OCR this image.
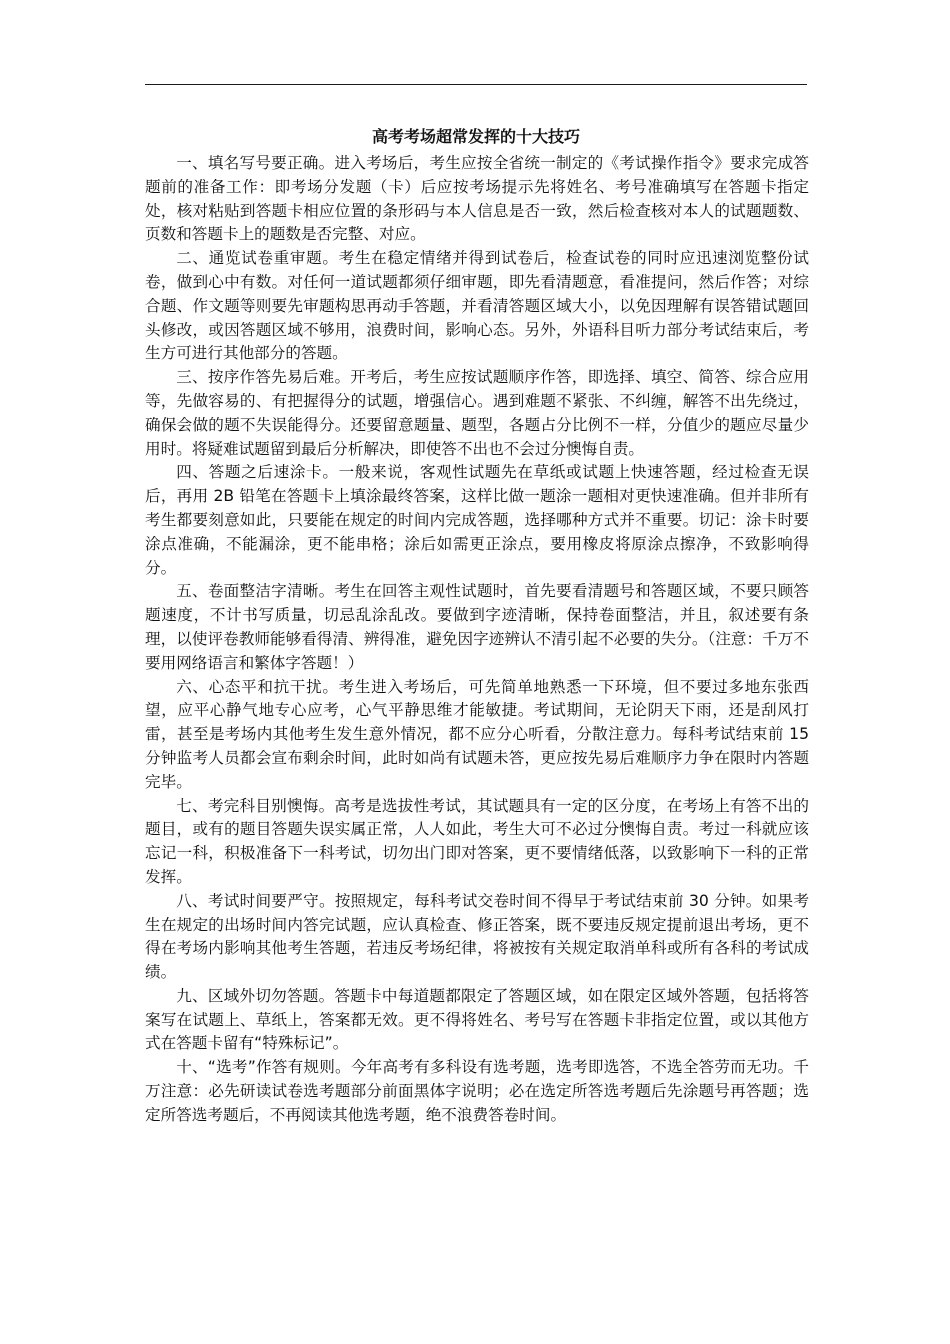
高考考场超常发挥的十大技巧

一、填名写号要正确。进入考场后，考生应按全省统一制定的《考试操作指令》要求完成答题前的准备工作：即考场分发题（卡）后应按考场提示先将姓名、考号准确填写在答题卡指定处，核对粘贴到答题卡相应位置的条形码与本人信息是否一致，然后检查核对本人的试题题数、页数和答题卡上的题数是否完整、对应。

二、通览试卷重审题。考生在稳定情绪并得到试卷后，检查试卷的同时应迅速浏览整份试卷，做到心中有数。对任何一道试题都须仔细审题，即先看清题意，看准提问，然后作答；对综合题、作文题等则要先审题构思再动手答题，并看清答题区域大小，以免因理解有误答错试题回头修改，或因答题区域不够用，浪费时间，影响心态。另外，外语科目听力部分考试结束后，考生方可进行其他部分的答题。

三、按序作答先易后难。开考后，考生应按试题顺序作答，即选择、填空、简答、综合应用等，先做容易的、有把握得分的试题，增强信心。遇到难题不紧张、不纠缠，解答不出先绕过，确保会做的题不失误能得分。还要留意题量、题型，各题占分比例不一样，分值少的题应尽量少用时。将疑难试题留到最后分析解决，即使答不出也不会过分懊悔自责。

四、答题之后速涂卡。一般来说，客观性试题先在草纸或试题上快速答题，经过检查无误后，再用 2B 铅笔在答题卡上填涂最终答案，这样比做一题涂一题相对更快速准确。但并非所有考生都要刻意如此，只要能在规定的时间内完成答题，选择哪种方式并不重要。切记：涂卡时要涂点准确，不能漏涂，更不能串格；涂后如需更正涂点，要用橡皮将原涂点擦净，不致影响得分。

五、卷面整洁字清晰。考生在回答主观性试题时，首先要看清题号和答题区域，不要只顾答题速度，不计书写质量，切忌乱涂乱改。要做到字迹清晰，保持卷面整洁，并且，叙述要有条理，以使评卷教师能够看得清、辨得准，避免因字迹辨认不清引起不必要的失分。（注意：千万不要用网络语言和繁体字答题！）

六、心态平和抗干扰。考生进入考场后，可先简单地熟悉一下环境，但不要过多地东张西望，应平心静气地专心应考，心气平静思维才能敏捷。考试期间，无论阴天下雨，还是刮风打雷，甚至是考场内其他考生发生意外情况，都不应分心听看，分散注意力。每科考试结束前 15 分钟监考人员都会宣布剩余时间，此时如尚有试题未答，更应按先易后难顺序力争在限时内答题完毕。

七、考完科目别懊悔。高考是选拔性考试，其试题具有一定的区分度，在考场上有答不出的题目，或有的题目答题失误实属正常，人人如此，考生大可不必过分懊悔自责。考过一科就应该忘记一科，积极准备下一科考试，切勿出门即对答案，更不要情绪低落，以致影响下一科的正常发挥。

八、考试时间要严守。按照规定，每科考试交卷时间不得早于考试结束前 30 分钟。如果考生在规定的出场时间内答完试题，应认真检查、修正答案，既不要违反规定提前退出考场，更不得在考场内影响其他考生答题，若违反考场纪律，将被按有关规定取消单科或所有各科的考试成绩。

九、区域外切勿答题。答题卡中每道题都限定了答题区域，如在限定区域外答题，包括将答案写在试题上、草纸上，答案都无效。更不得将姓名、考号写在答题卡非指定位置，或以其他方式在答题卡留有“特殊标记”。

十、“选考”作答有规则。今年高考有多科设有选考题，选考即选答，不选全答劳而无功。千万注意：必先研读试卷选考题部分前面黑体字说明；必在选定所答选考题后先涂题号再答题；选定所答选考题后，不再阅读其他选考题，绝不浪费答卷时间。
